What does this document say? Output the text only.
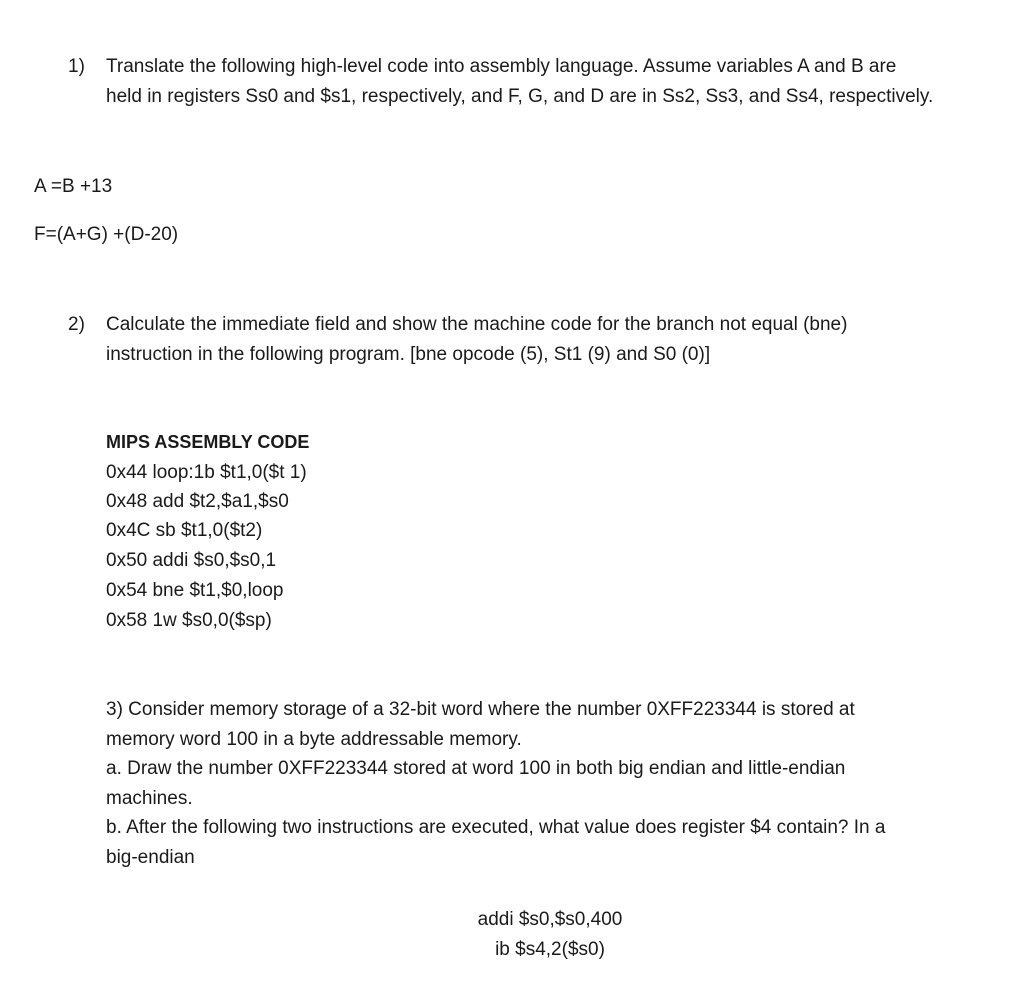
1) Translate the following high-level code into assembly language. Assume variables A and B are
held in registers Ss0 and $s1, respectively, and F, G, and D are in Ss2, Ss3, and Ss4, respectively.
A =B +13
F=(A+G) +(D-20)
2) Calculate the immediate field and show the machine code for the branch not equal (bne)
instruction in the following program. [bne opcode (5), St1 (9) and S0 (0)]
MIPS ASSEMBLY CODE
0x44 loop:1b $t1,0($t 1)
0x48 add $t2,$a1,$s0
0x4C sb $t1,0($t2)
0x50 addi $s0,$s0,1
0x54 bne $t1,$0,loop
0x58 1w $s0,0($sp)
3) Consider memory storage of a 32-bit word where the number 0XFF223344 is stored at
memory word 100 in a byte addressable memory.
a. Draw the number 0XFF223344 stored at word 100 in both big endian and little-endian
machines.
b. After the following two instructions are executed, what value does register $4 contain? In a
big-endian
addi $s0,$s0,400
ib $s4,2($s0)
